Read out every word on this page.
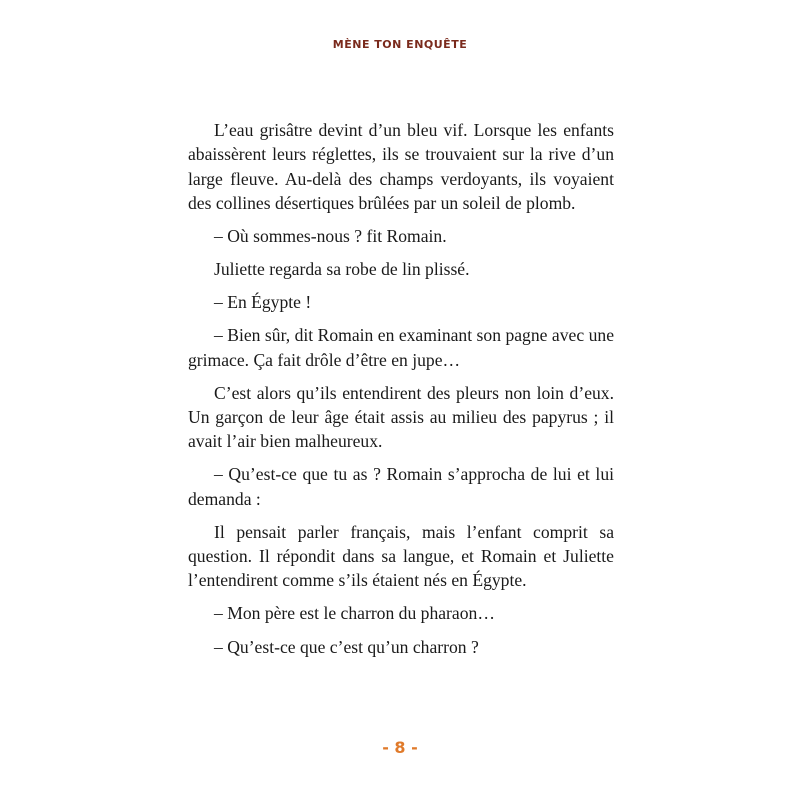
MÈNE TON ENQUÊTE

L’eau grisâtre devint d’un bleu vif. Lorsque les enfants abaissèrent leurs réglettes, ils se trouvaient sur la rive d’un large fleuve. Au-delà des champs verdoyants, ils voyaient des collines désertiques brûlées par un soleil de plomb.

– Où sommes-nous ? fit Romain.

Juliette regarda sa robe de lin plissé.

– En Égypte !

– Bien sûr, dit Romain en examinant son pagne avec une grimace. Ça fait drôle d’être en jupe…

C’est alors qu’ils entendirent des pleurs non loin d’eux. Un garçon de leur âge était assis au milieu des papyrus ; il avait l’air bien malheureux.

– Qu’est-ce que tu as ? Romain s’approcha de lui et lui demanda :

Il pensait parler français, mais l’enfant comprit sa question. Il répondit dans sa langue, et Romain et Juliette l’entendirent comme s’ils étaient nés en Égypte.

– Mon père est le charron du pharaon…

– Qu’est-ce que c’est qu’un charron ?

- 8 -
